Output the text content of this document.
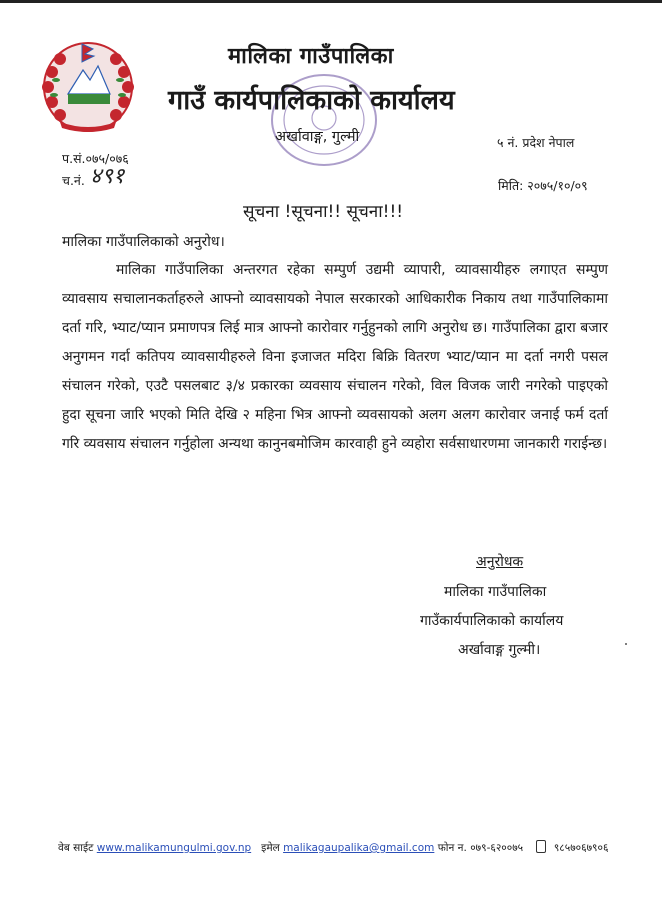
मालिका गाउँपालिका
गाउँ कार्यपालिकाको कार्यालय
अर्खावाङ्ग, गुल्मी	५ नं. प्रदेश नेपाल
प.सं.०७५/०७६
च.नं. ४९१	मिति: २०७५/१०/०९
सूचना !सूचना!! सूचना!!!
मालिका गाउँपालिकाको अनुरोध।

मालिका गाउँपालिका अन्तरगत रहेका सम्पुर्ण उद्यमी व्यापारी, व्यावसायीहरु लगाएत सम्पुण व्यावसाय सचालानकर्ताहरुले आफ्नो व्यावसायको नेपाल सरकारको आधिकारीक निकाय तथा गाउँपालिकामा दर्ता गरि, भ्याट/प्यान प्रमाणपत्र लिई मात्र आफ्नो कारोवार गर्नुहुनको लागि अनुरोध छ। गाउँपालिका द्वारा बजार अनुगमन गर्दा कतिपय व्यावसायीहरुले विना इजाजत मदिरा बिक्रि वितरण भ्याट/प्यान मा दर्ता नगरी पसल संचालन गरेको, एउटै पसलबाट ३/४ प्रकारका व्यवसाय संचालन गरेको, विल विजक जारी नगरेको पाइएको हुदा सूचना जारि भएको मिति देखि २ महिना भित्र आफ्नो व्यवसायको अलग अलग कारोवार जनाई फर्म दर्ता गरि व्यवसाय संचालन गर्नुहोला अन्यथा कानुनबमोजिम कारवाही हुने व्यहोरा सर्वसाधारणमा जानकारी गराईन्छ।

अनुरोधक
मालिका गाउँपालिका
गाउँकार्यपालिकाको कार्यालय
अर्खावाङ्ग गुल्मी।
वेब साईट www.malikamungulmi.gov.np इमेल malikagaupalika@gmail.com फोन न. ०७९-६२००७५	९८५७०६७९०६
